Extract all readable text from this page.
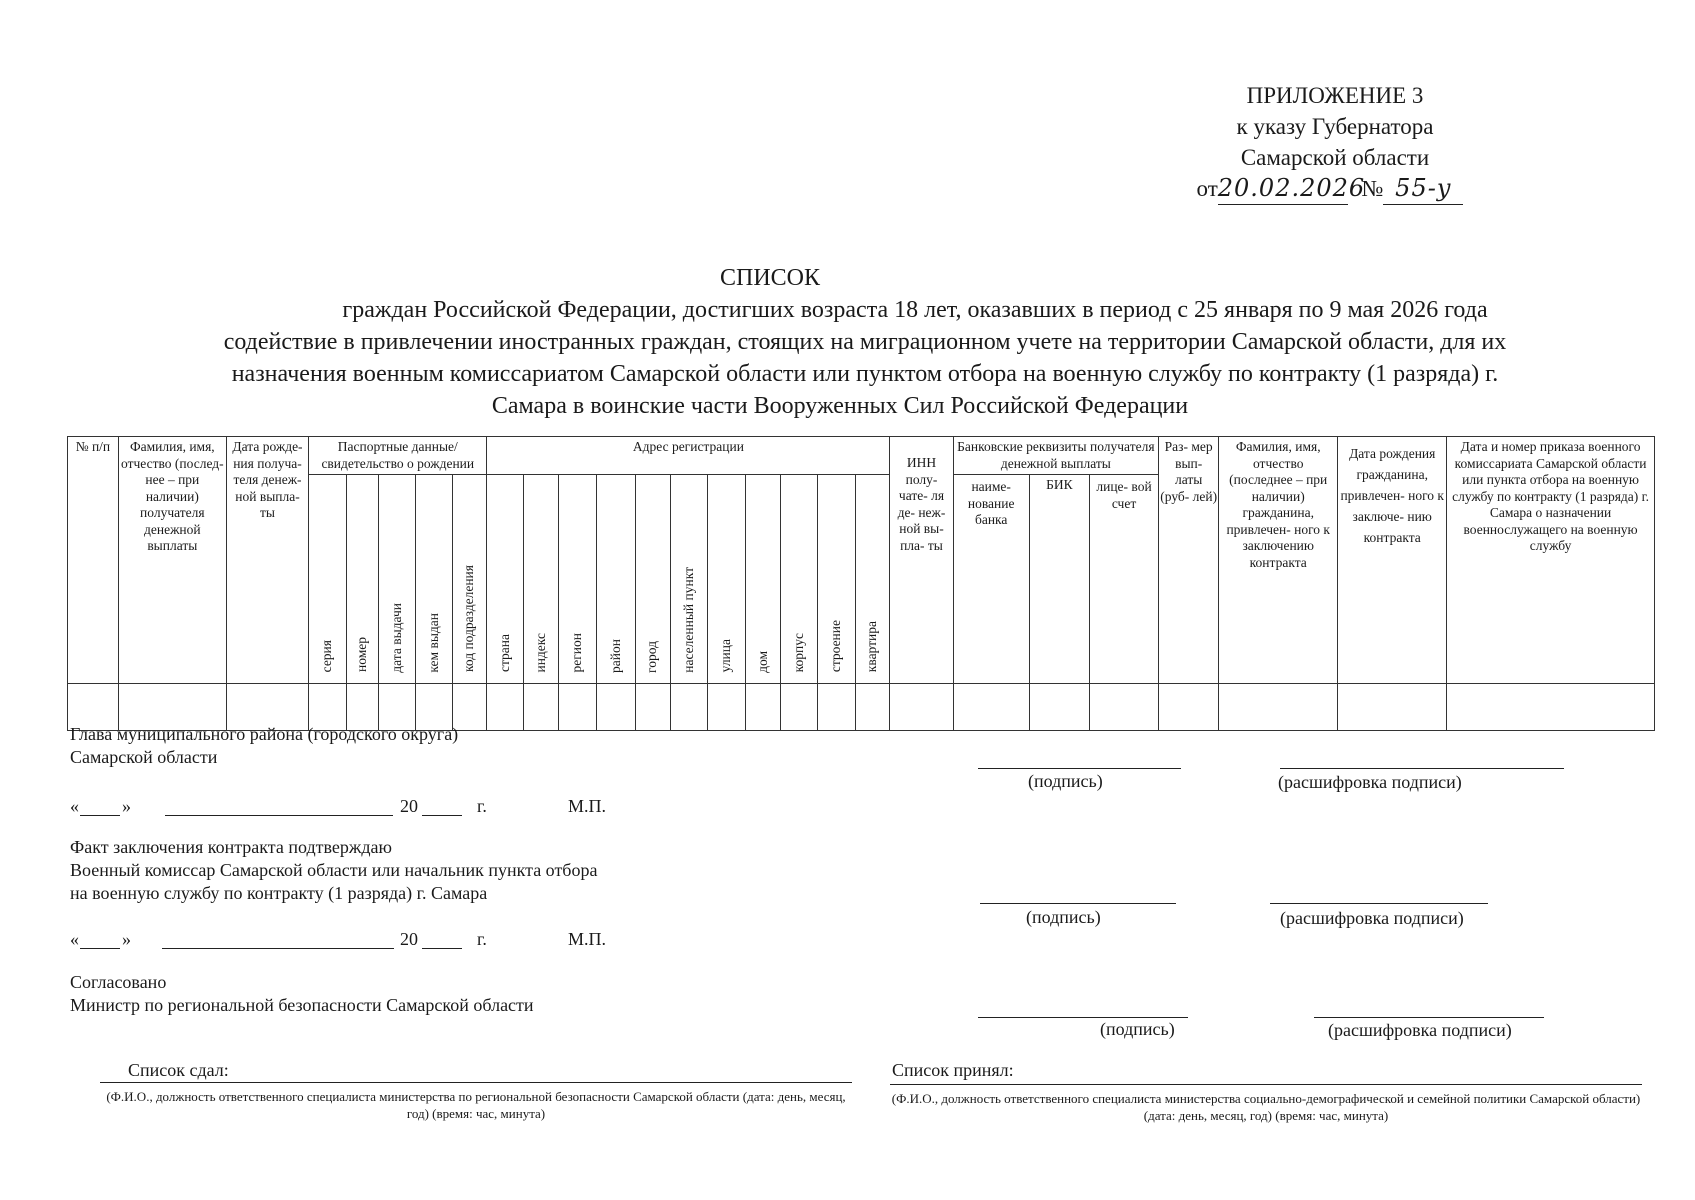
ПРИЛОЖЕНИЕ 3
к указу Губернатора
Самарской области
от20.02.2026 № 55-у
СПИСОК
граждан Российской Федерации, достигших возраста 18 лет, оказавших в период с 25 января по 9 мая 2026 года
содействие в привлечении иностранных граждан, стоящих на миграционном учете на территории Самарской области, для их
назначения военным комиссариатом Самарской области или пунктом отбора на военную службу по контракту (1 разряда) г.
Самара в воинские части Вооруженных Сил Российской Федерации
№ п/п	Фамилия, имя, отчество (послед- нее – при наличии) получателя денежной выплаты	Дата рожде- ния получа- теля денеж- ной выпла- ты	Паспортные данные/ свидетельство о рождении					Адрес регистрации											ИНН полу- чате- ля де- неж- ной вы- пла- ты	Банковские реквизиты получателя денежной выплаты			Раз- мер вып- латы (руб- лей)	Фамилия, имя, отчество (последнее – при наличии) гражданина, привлечен- ного к заключению контракта	Дата рождения гражданина, привлечен- ного к заключе- нию контракта	Дата и номер приказа военного комиссариата Самарской области или пункта отбора на военную службу по контракту (1 разряда) г. Самара о назначении военнослужащего на военную службу
			серия	номер	дата выдачи	кем выдан	код подразделения	страна	индекс	регион	район	город	населенный пункт	улица	дом	корпус	строение	квартира		наиме- нование банка	БИК	лице- вой счет				

Глава муниципального района (городского округа)
Самарской области
« »	20	г.	М.П.
(подпись)	(расшифровка подписи)
Факт заключения контракта подтверждаю
Военный комиссар Самарской области или начальник пункта отбора
на военную службу по контракту (1 разряда) г. Самара
« »	20	г.	М.П.
(подпись)	(расшифровка подписи)
Согласовано
Министр по региональной безопасности Самарской области
(подпись)	(расшифровка подписи)
Список сдал:
(Ф.И.О., должность ответственного специалиста министерства по региональной безопасности Самарской области (дата: день, месяц, год) (время: час, минута)
Список принял:
(Ф.И.О., должность ответственного специалиста министерства социально-демографической и семейной политики Самарской области) (дата: день, месяц, год) (время: час, минута)
